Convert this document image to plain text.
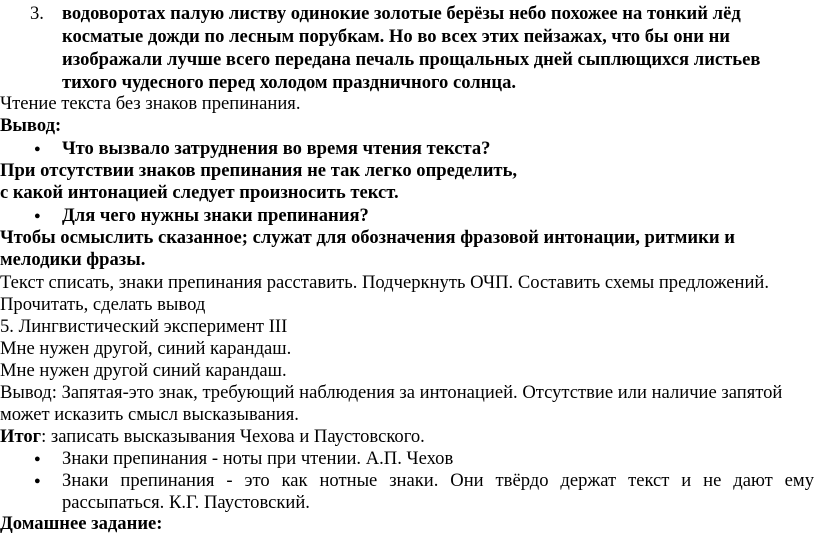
3. водоворотах палую листву одинокие золотые берёзы небо похожее на тонкий лёд
косматые дожди по лесным порубкам. Но во всех этих пейзажах, что бы они ни
изображали лучше всего передана печаль прощальных дней сыплющихся листьев
тихого чудесного перед холодом праздничного солнца.
Чтение текста без знаков препинания.
Вывод:
● Что вызвало затруднения во время чтения текста?
При отсутствии знаков препинания не так легко определить,
с какой интонацией следует произносить текст.
● Для чего нужны знаки препинания?
Чтобы осмыслить сказанное; служат для обозначения фразовой интонации, ритмики и
мелодики фразы.
Текст списать, знаки препинания расставить. Подчеркнуть ОЧП. Составить схемы предложений.
Прочитать, сделать вывод
5. Лингвистический эксперимент III
Мне нужен другой, синий карандаш.
Мне нужен другой синий карандаш.
Вывод: Запятая-это знак, требующий наблюдения за интонацией. Отсутствие или наличие запятой
может исказить смысл высказывания.
Итог: записать высказывания Чехова и Паустовского.
● Знаки препинания - ноты при чтении. А.П. Чехов
● Знаки препинания - это как нотные знаки. Они твёрдо держат текст и не дают ему
рассыпаться. К.Г. Паустовский.
Домашнее задание:
